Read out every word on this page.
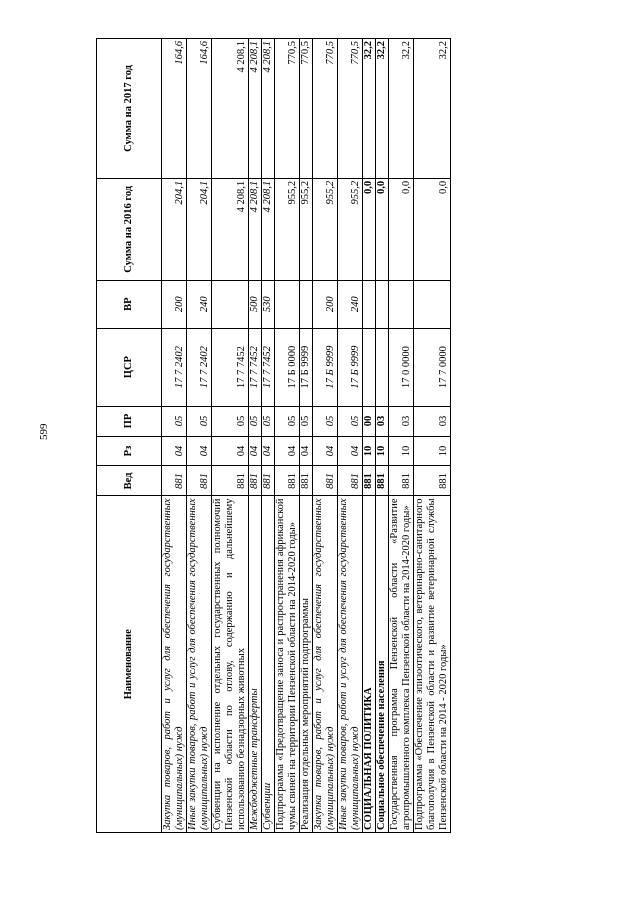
599
Наименование	Вед	Рз	ПР	ЦСР	ВР	Сумма на 2016 год	Сумма на 2017 год
Закупка товаров, работ и услуг для обеспечения государственных (муниципальных) нужд	881	04	05	17 7 2402	200	204,1	164,6
Иные закупки товаров, работ и услуг для обеспечения государственных (муниципальных) нужд	881	04	05	17 7 2402	240	204,1	164,6
Субвенции на исполнение отдельных государственных полномочий Пензенской области по отлову, содержанию и дальнейшему использованию безнадзорных животных	881	04	05	17 7 7452		4 208,1	4 208,1
Межбюджетные трансферты	881	04	05	17 7 7452	500	4 208,1	4 208,1
Субвенции	881	04	05	17 7 7452	530	4 208,1	4 208,1
Подпрограмма «Предотвращение заноса и распространения африканской чумы свиней на территории Пензенской области на 2014-2020 годы»	881	04	05	17 Б 0000		955,2	770,5
Реализация отдельных мероприятий подпрограммы	881	04	05	17 Б 9999		955,2	770,5
Закупка товаров, работ и услуг для обеспечения государственных (муниципальных) нужд	881	04	05	17 Б 9999	200	955,2	770,5
Иные закупки товаров, работ и услуг для обеспечения государственных (муниципальных) нужд	881	04	05	17 Б 9999	240	955,2	770,5
СОЦИАЛЬНАЯ ПОЛИТИКА	881	10	00			0,0	32,2
Социальное обеспечение населения	881	10	03			0,0	32,2
Государственная программа Пензенской области «Развитие агропромышленного комплекса Пензенской области на 2014-2020 годы»	881	10	03	17 0 0000		0,0	32,2
Подпрограмма «Обеспечение эпизоотического, ветеринарно-санитарного благополучия в Пензенской области и развитие ветеринарной службы Пензенской области на 2014 - 2020 годы»	881	10	03	17 7 0000		0,0	32,2
